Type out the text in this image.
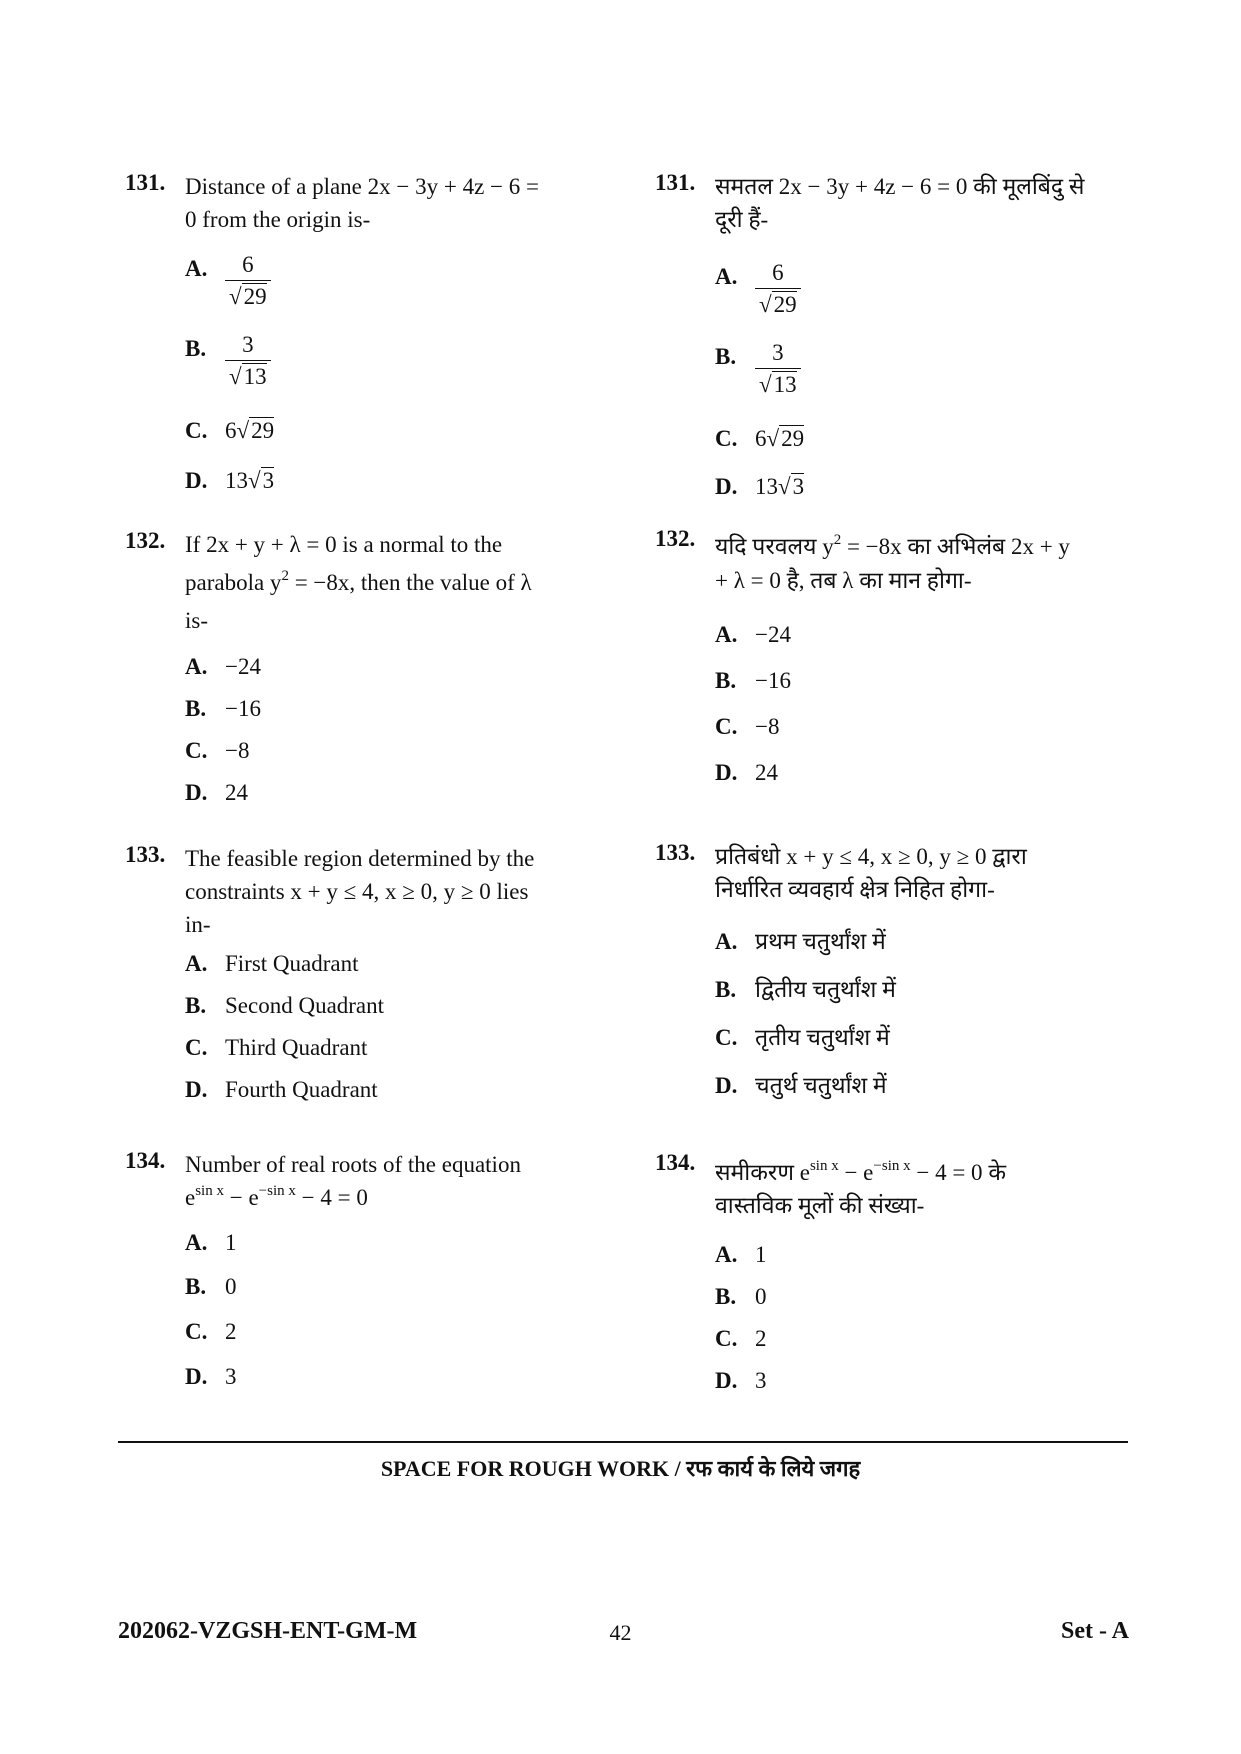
131. Distance of a plane 2x − 3y + 4z − 6 = 0 from the origin is-
A. $\frac{6}{√29}$
B. $\frac{3}{√13}$
C. 6√29
D. 13√3
132. If 2x + y + λ = 0 is a normal to the parabola $y^2 = -8x$, then the value of λ is-
A. −24
B. −16
C. −8
D. 24
133. The feasible region determined by the constraints x + y ≤ 4, x ≥ 0, y ≥ 0 lies in-
A. First Quadrant
B. Second Quadrant
C. Third Quadrant
D. Fourth Quadrant
134. Number of real roots of the equation
$e^{sin x} - e^{-sin x} - 4 = 0$
A. 1
B. 0
C. 2
D. 3
131. समतल 2x − 3y + 4z − 6 = 0 की मूलबिंदु से दूरी हैं-
A. $\frac{6}{√29}$
B. $\frac{3}{√13}$
C. 6√29
D. 13√3
132. यदि परवलय $y^2 = -8x$ का अभिलंब 2x + y + λ = 0 है, तब λ का मान होगा-
A. −24
B. −16
C. −8
D. 24
133. प्रतिबंधो x + y ≤ 4, x ≥ 0, y ≥ 0 द्वारा निर्धारित व्यवहार्य क्षेत्र निहित होगा-
A. प्रथम चतुर्थांश में
B. द्वितीय चतुर्थांश में
C. तृतीय चतुर्थांश में
D. चतुर्थ चतुर्थांश में
134. समीकरण $e^{sin x} - e^{-sin x} - 4 = 0$ के
वास्तविक मूलों की संख्या-
A. 1
B. 0
C. 2
D. 3
SPACE FOR ROUGH WORK / रफ कार्य के लिये जगह
202062-VZGSH-ENT-GM-M	42	Set - A
